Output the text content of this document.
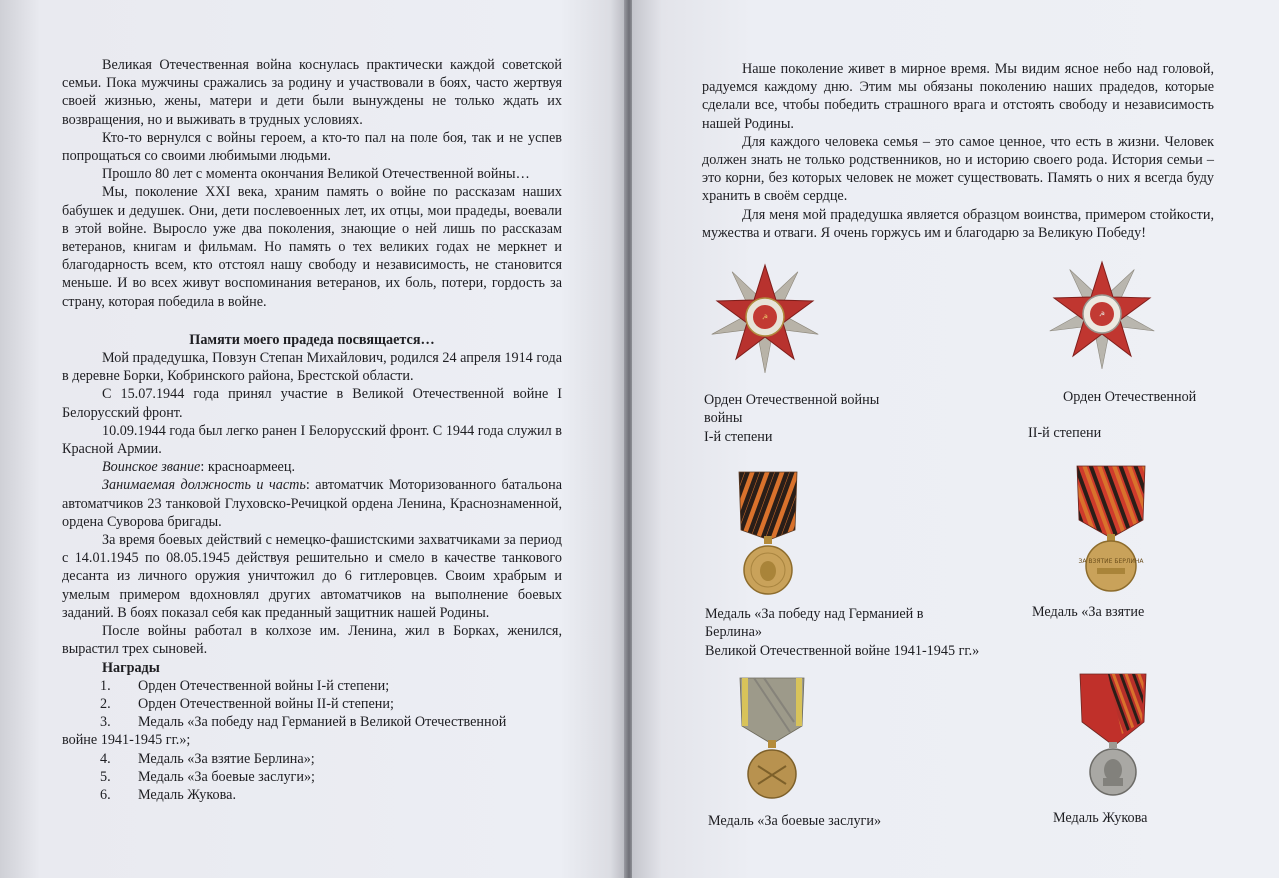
Великая Отечественная война коснулась практически каждой советской семьи. Пока мужчины сражались за родину и участвовали в боях, часто жертвуя своей жизнью, жены, матери и дети были вынуждены не только ждать их возвращения, но и выживать в трудных условиях.

Кто-то вернулся с войны героем, а кто-то пал на поле боя, так и не успев попрощаться со своими любимыми людьми.

Прошло 80 лет с момента окончания Великой Отечественной войны…

Мы, поколение XXI века, храним память о войне по рассказам наших бабушек и дедушек. Они, дети послевоенных лет, их отцы, мои прадеды, воевали в этой войне. Выросло уже два поколения, знающие о ней лишь по рассказам ветеранов, книгам и фильмам. Но память о тех великих годах не меркнет и благодарность всем, кто отстоял нашу свободу и независимость, не становится меньше. И во всех живут воспоминания ветеранов, их боль, потери, гордость за страну, которая победила в войне.

Памяти моего прадеда посвящается…

Мой прадедушка, Повзун Степан Михайлович, родился 24 апреля 1914 года в деревне Борки, Кобринского района, Брестской области.

С 15.07.1944 года принял участие в Великой Отечественной войне I Белорусский фронт.

10.09.1944 года был легко ранен I Белорусский фронт. С 1944 года служил в Красной Армии.

Воинское звание: красноармеец.

Занимаемая должность и часть: автоматчик Моторизованного батальона автоматчиков 23 танковой Глуховско-Речицкой ордена Ленина, Краснознаменной, ордена Суворова бригады.

За время боевых действий с немецко-фашистскими захватчиками за период с 14.01.1945 по 08.05.1945 действуя решительно и смело в качестве танкового десанта из личного оружия уничтожил до 6 гитлеровцев. Своим храбрым и умелым примером вдохновлял других автоматчиков на выполнение боевых заданий. В боях показал себя как преданный защитник нашей Родины.

После войны работал в колхозе им. Ленина, жил в Борках, женился, вырастил трех сыновей.

Награды

1.	Орден Отечественной войны I-й степени;
2.	Орден Отечественной войны II-й степени;
3.	Медаль «За победу над Германией в Великой Отечественной
войне 1941-1945 гг.»;
4.	Медаль «За взятие Берлина»;
5.	Медаль «За боевые заслуги»;
6.	Медаль Жукова.

Наше поколение живет в мирное время. Мы видим ясное небо над головой, радуемся каждому дню. Этим мы обязаны поколению наших прадедов, которые сделали все, чтобы победить страшного врага и отстоять свободу и независимость нашей Родины.

Для каждого человека семья – это самое ценное, что есть в жизни. Человек должен знать не только родственников, но и историю своего рода. История семьи – это корни, без которых человек не может существовать. Память о них я всегда буду хранить в своём сердце.

Для меня мой прадедушка является образцом воинства, примером стойкости, мужества и отваги. Я очень горжусь им и благодарю за Великую Победу!

☭	☭
Орден Отечественной войны
войны
I-й степени
Орден Отечественной
II-й степени
ЗА ВЗЯТИЕ БЕРЛИНА
Медаль «За победу над Германией в
Берлина»
Великой Отечественной войне 1941-1945 гг.»
Медаль «За взятие
Медаль «За боевые заслуги»	Медаль Жукова
